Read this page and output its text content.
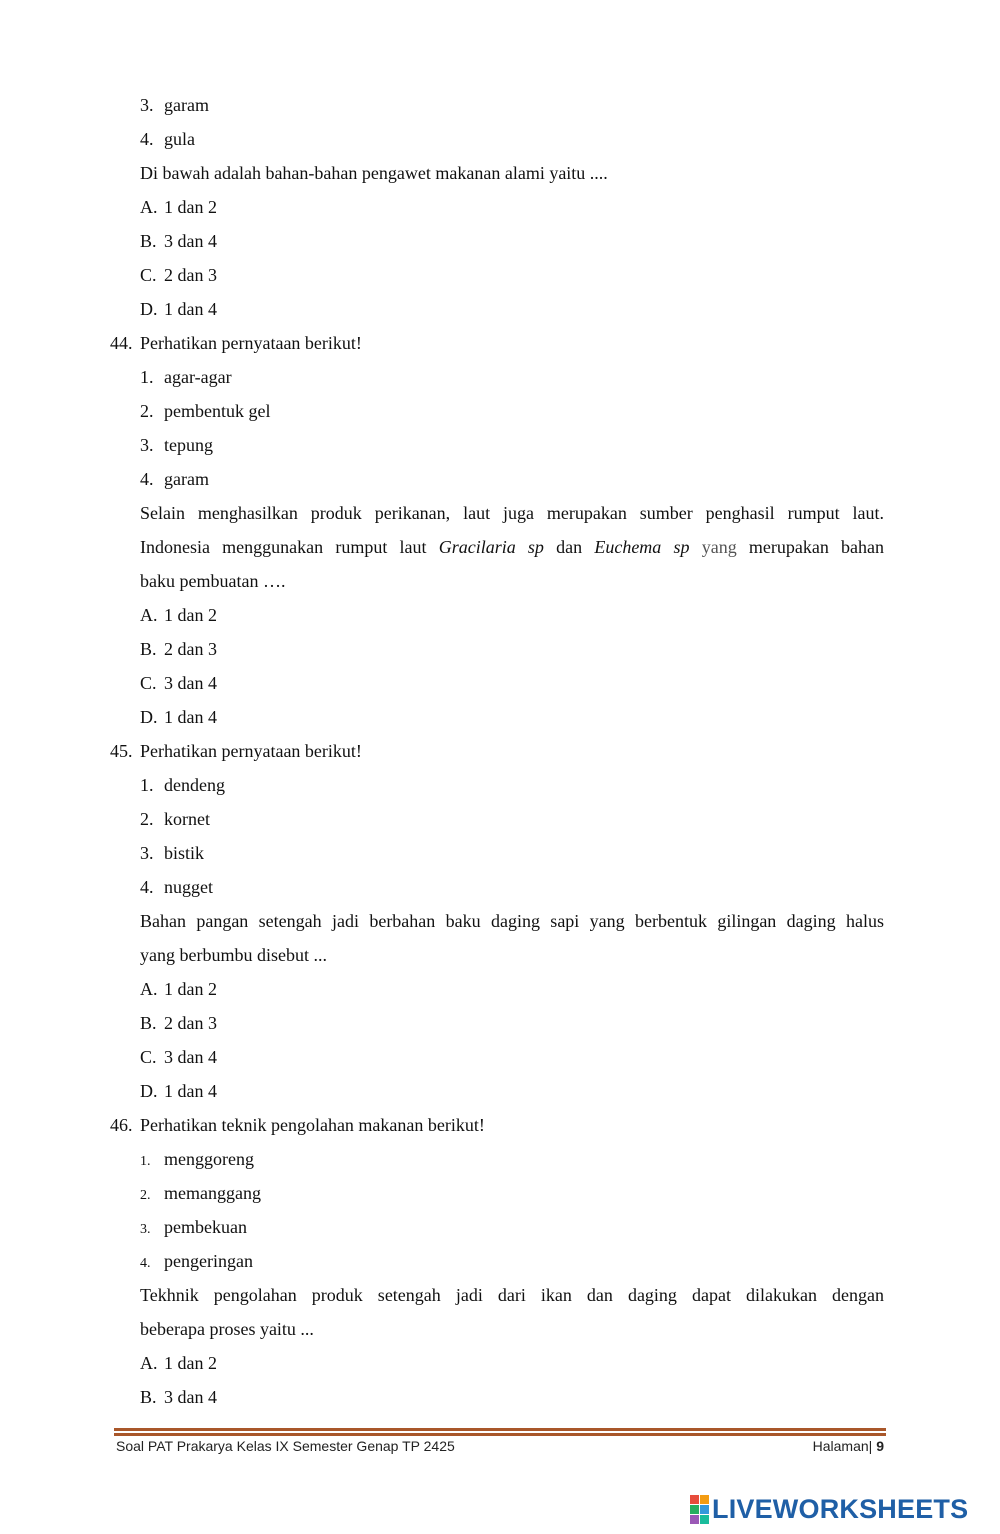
3. garam
4. gula
Di bawah adalah bahan-bahan pengawet makanan alami yaitu ....
A. 1 dan 2
B. 3 dan 4
C. 2 dan 3
D. 1 dan 4
44. Perhatikan pernyataan berikut!
1. agar-agar
2. pembentuk gel
3. tepung
4. garam
Selain menghasilkan produk perikanan, laut juga merupakan sumber penghasil rumput laut.
Indonesia menggunakan rumput laut Gracilaria sp dan Euchema sp yang merupakan bahan
baku pembuatan ….
A. 1 dan 2
B. 2 dan 3
C. 3 dan 4
D. 1 dan 4
45. Perhatikan pernyataan berikut!
1. dendeng
2. kornet
3. bistik
4. nugget
Bahan pangan setengah jadi berbahan baku daging sapi yang berbentuk gilingan daging halus
yang berbumbu disebut ...
A. 1 dan 2
B. 2 dan 3
C. 3 dan 4
D. 1 dan 4
46. Perhatikan teknik pengolahan makanan berikut!
1. menggoreng
2. memanggang
3. pembekuan
4. pengeringan
Tekhnik pengolahan produk setengah jadi dari ikan dan daging dapat dilakukan dengan
beberapa proses yaitu ...
A. 1 dan 2
B. 3 dan 4
Soal PAT Prakarya Kelas IX Semester Genap TP 2425	Halaman| 9
LIVEWORKSHEETS
